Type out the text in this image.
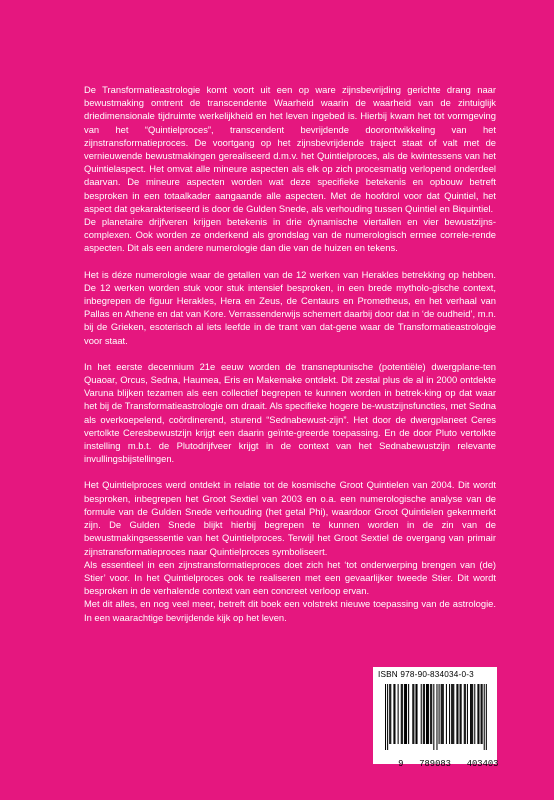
De Transformatieastrologie komt voort uit een op ware zijnsbevrijding gerichte drang naar bewustmaking omtrent de transcendente Waarheid waarin de waarheid van de zintuiglijk driedimensionale tijdruimte werkelijkheid en het leven ingebed is. Hierbij kwam het tot vormgeving van het “Quintielproces”, transcendent bevrijdende doorontwikkeling van het zijnstransformatieproces. De voortgang op het zijnsbevrijdende traject staat of valt met de vernieuwende bewustmakingen gerealiseerd d.m.v. het Quintielproces, als de kwintessens van het Quintielaspect. Het omvat alle mineure aspecten als elk op zich procesmatig verlopend onderdeel daarvan. De mineure aspecten worden wat deze specifieke betekenis en opbouw betreft besproken in een totaalkader aangaande alle aspecten. Met de hoofdrol voor dat Quintiel, het aspect dat gekarakteriseerd is door de Gulden Snede, als verhouding tussen Quintiel en Biquintiel.

De planetaire drijfveren krijgen betekenis in drie dynamische viertallen en vier bewustzijns-complexen. Ook worden ze onderkend als grondslag van de numerologisch ermee correle-rende aspecten. Dit als een andere numerologie dan die van de huizen en tekens.

Het is déze numerologie waar de getallen van de 12 werken van Herakles betrekking op hebben. De 12 werken worden stuk voor stuk intensief besproken, in een brede mytholo-gische context, inbegrepen de figuur Herakles, Hera en Zeus, de Centaurs en Prometheus, en het verhaal van Pallas en Athene en dat van Kore. Verrassenderwijs schemert daarbij door dat in ‘de oudheid’, m.n. bij de Grieken, esoterisch al iets leefde in de trant van dat-gene waar de Transformatieastrologie voor staat.

In het eerste decennium 21e eeuw worden de transneptunische (potentiële) dwergplane-ten Quaoar, Orcus, Sedna, Haumea, Eris en Makemake ontdekt. Dit zestal plus de al in 2000 ontdekte Varuna blijken tezamen als een collectief begrepen te kunnen worden in betrek-king op dat waar het bij de Transformatieastrologie om draait. Als specifieke hogere be-wustzijnsfuncties, met Sedna als overkoepelend, coördinerend, sturend “Sednabewust-zijn”. Het door de dwergplaneet Ceres vertolkte Ceresbewustzijn krijgt een daarin geïnte-greerde toepassing. En de door Pluto vertolkte instelling m.b.t. de Plutodrijfveer krijgt in de context van het Sednabewustzijn relevante invullingsbijstellingen.

Het Quintielproces werd ontdekt in relatie tot de kosmische Groot Quintielen van 2004. Dit wordt besproken, inbegrepen het Groot Sextiel van 2003 en o.a. een numerologische analyse van de formule van de Gulden Snede verhouding (het getal Phi), waardoor Groot Quintielen gekenmerkt zijn. De Gulden Snede blijkt hierbij begrepen te kunnen worden in de zin van de bewustmakingsessentie van het Quintielproces. Terwijl het Groot Sextiel de overgang van primair zijnstransformatieproces naar Quintielproces symboliseert.

Als essentieel in een zijnstransformatieproces doet zich het ‘tot onderwerping brengen van (de) Stier’ voor. In het Quintielproces ook te realiseren met een gevaarlijker tweede Stier. Dit wordt besproken in de verhalende context van een concreet verloop ervan.

Met dit alles, en nog veel meer, betreft dit boek een volstrekt nieuwe toepassing van de astrologie. In een waarachtige bevrijdende kijk op het leven.

ISBN 978-90-834034-0-3

9   789083   403403
